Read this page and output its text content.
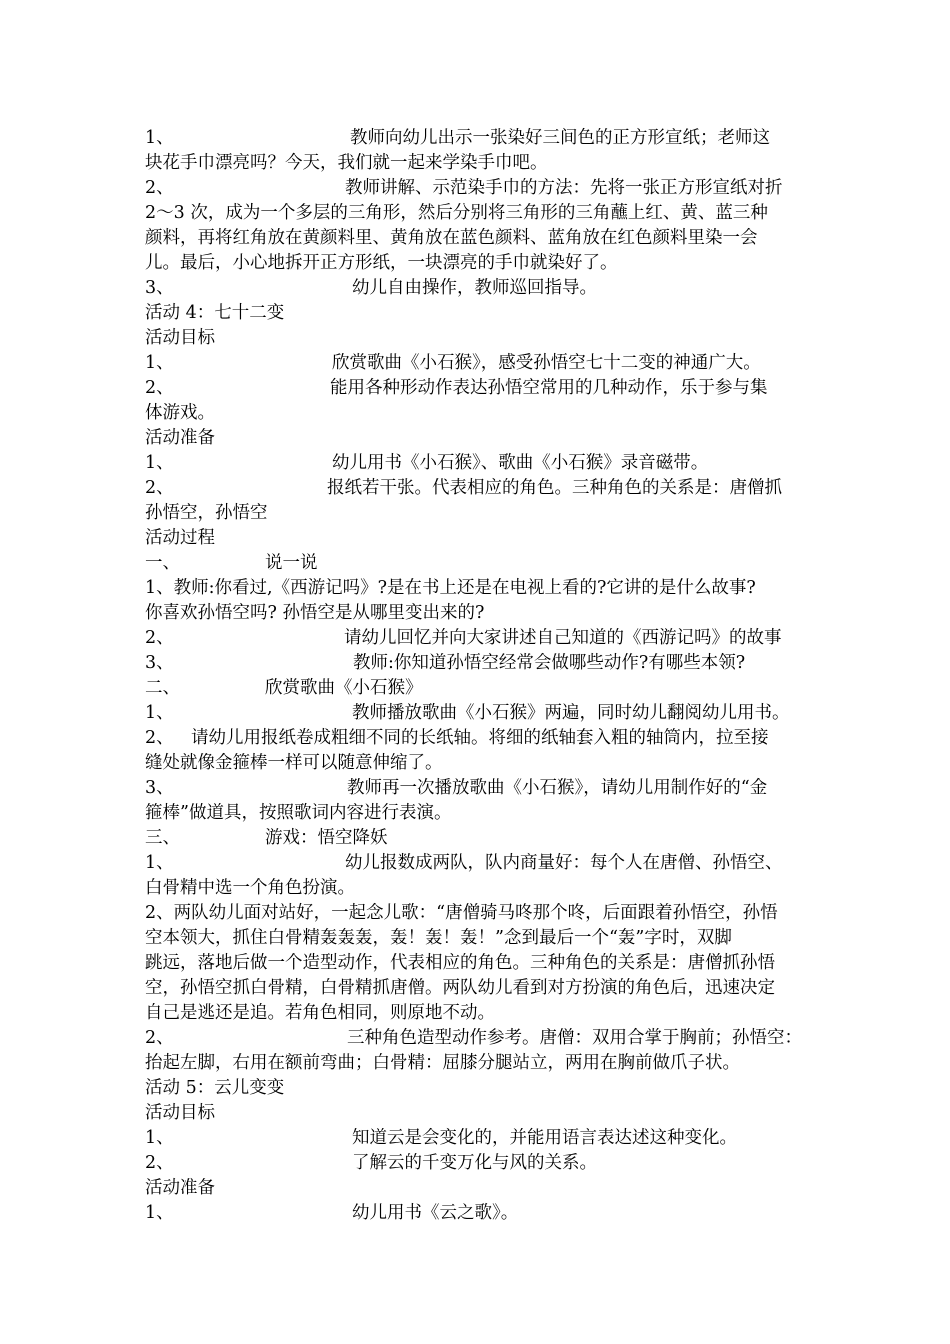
1、	教师向幼儿出示一张染好三间色的正方形宣纸；老师这
块花手巾漂亮吗？今天，我们就一起来学染手巾吧。
2、	教师讲解、示范染手巾的方法：先将一张正方形宣纸对折
2～3 次，成为一个多层的三角形，然后分别将三角形的三角蘸上红、黄、蓝三种
颜料，再将红角放在黄颜料里、黄角放在蓝色颜料、蓝角放在红色颜料里染一会
儿。最后，小心地拆开正方形纸，一块漂亮的手巾就染好了。
3、	幼儿自由操作，教师巡回指导。
活动 4：七十二变
活动目标
1、	欣赏歌曲《小石猴》，感受孙悟空七十二变的神通广大。
2、	能用各种形动作表达孙悟空常用的几种动作，乐于参与集
体游戏。
活动准备
1、	幼儿用书《小石猴》、歌曲《小石猴》录音磁带。
2、	报纸若干张。代表相应的角色。三种角色的关系是：唐僧抓
孙悟空，孙悟空
活动过程
一、	说一说
1、教师:你看过,《西游记吗》?是在书上还是在电视上看的?它讲的是什么故事?
你喜欢孙悟空吗? 孙悟空是从哪里变出来的?
2、	请幼儿回忆并向大家讲述自己知道的《西游记吗》的故事
3、	教师:你知道孙悟空经常会做哪些动作?有哪些本领?
二、	欣赏歌曲《小石猴》
1、	教师播放歌曲《小石猴》两遍，同时幼儿翻阅幼儿用书。
2、 请幼儿用报纸卷成粗细不同的长纸轴。将细的纸轴套入粗的轴筒内，拉至接
缝处就像金箍棒一样可以随意伸缩了。
3、	教师再一次播放歌曲《小石猴》，请幼儿用制作好的“金
箍棒”做道具，按照歌词内容进行表演。
三、	游戏：悟空降妖
1、	幼儿报数成两队，队内商量好：每个人在唐僧、孙悟空、
白骨精中选一个角色扮演。
2、两队幼儿面对站好，一起念儿歌：“唐僧骑马咚那个咚，后面跟着孙悟空，孙悟
空本领大，抓住白骨精轰轰轰，轰！轰！轰！”念到最后一个“轰”字时，双脚
跳远，落地后做一个造型动作，代表相应的角色。三种角色的关系是：唐僧抓孙悟
空，孙悟空抓白骨精，白骨精抓唐僧。两队幼儿看到对方扮演的角色后，迅速决定
自己是逃还是追。若角色相同，则原地不动。
2、	三种角色造型动作参考。唐僧：双用合掌于胸前；孙悟空：
抬起左脚，右用在额前弯曲；白骨精：屈膝分腿站立，两用在胸前做爪子状。
活动 5：云儿变变
活动目标
1、	知道云是会变化的，并能用语言表达述这种变化。
2、	了解云的千变万化与风的关系。
活动准备
1、	幼儿用书《云之歌》。
